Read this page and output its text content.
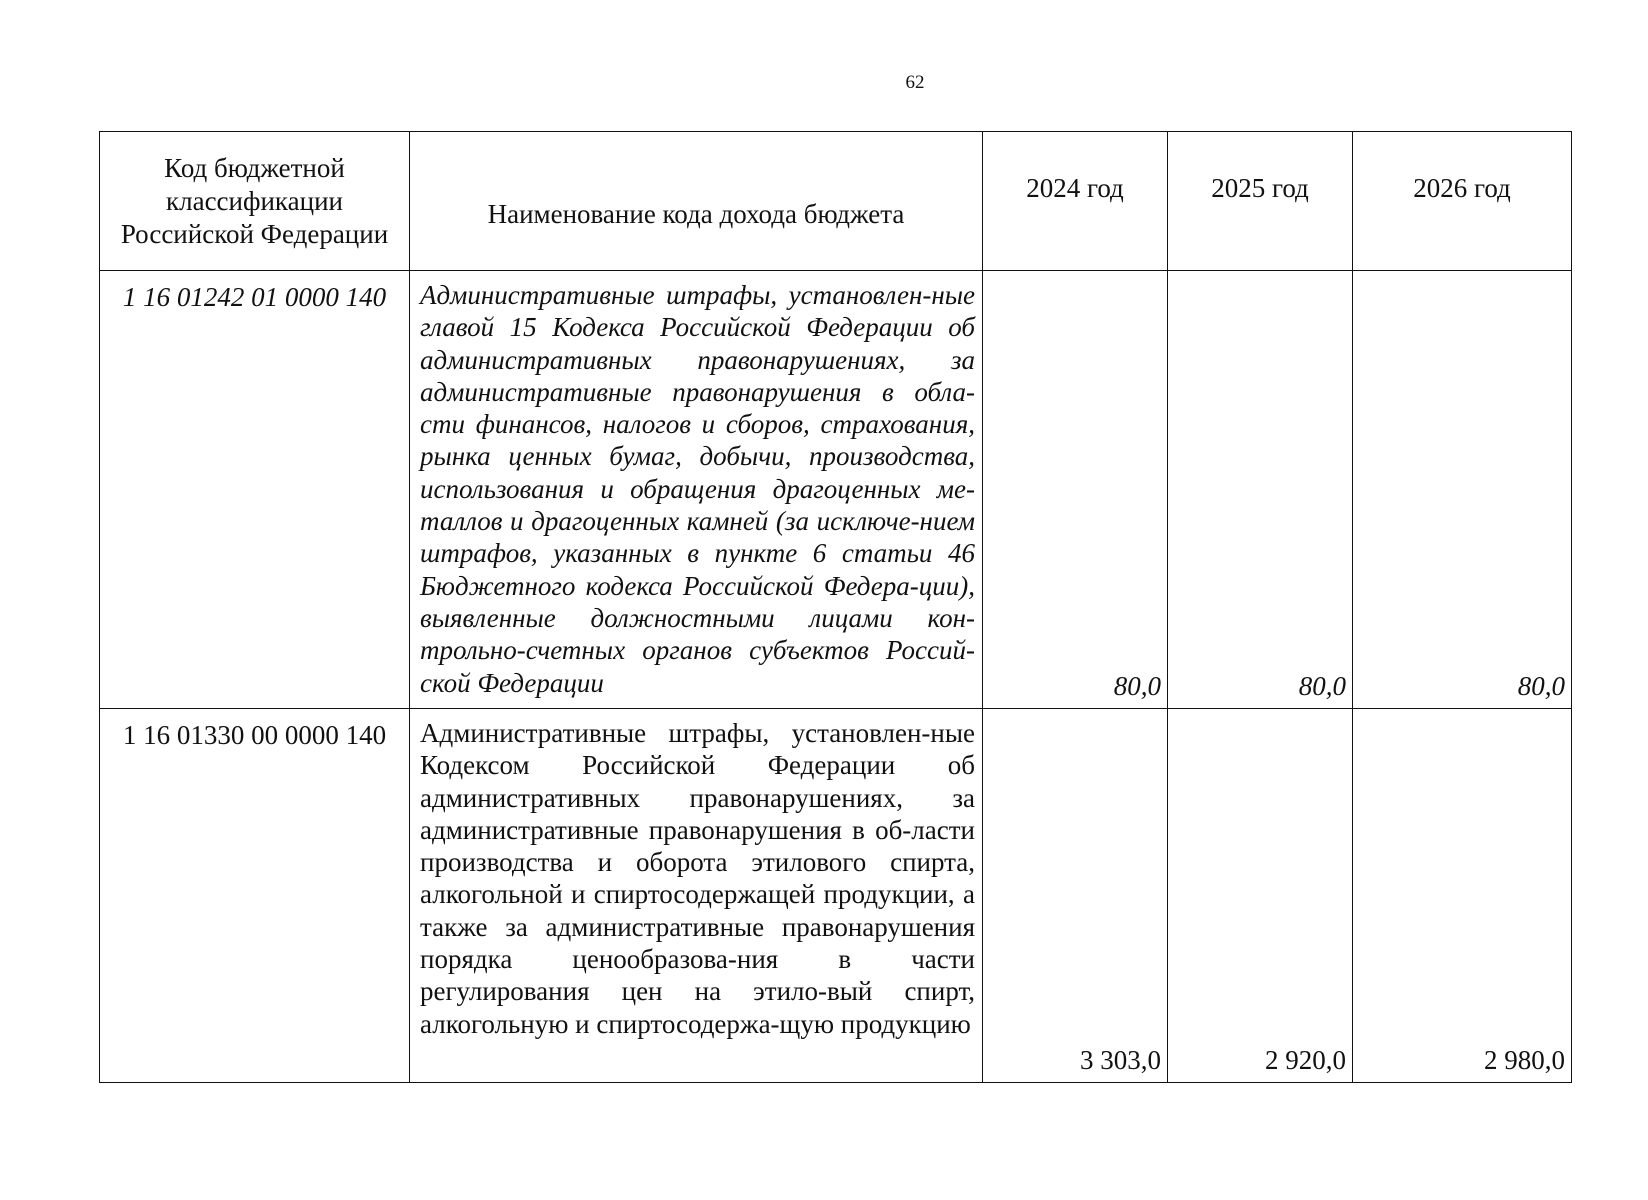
62
Код бюджетной классификации Российской Федерации	Наименование кода дохода бюджета	2024 год	2025 год	2026 год
1 16 01242 01 0000 140	Административные штрафы, установлен-ные главой 15 Кодекса Российской Федерации об административных правонарушениях, за административные правонарушения в обла-сти финансов, налогов и сборов, страхования, рынка ценных бумаг, добычи, производства, использования и обращения драгоценных ме-таллов и драгоценных камней (за исключе-нием штрафов, указанных в пункте 6 статьи 46 Бюджетного кодекса Российской Федера-ции), выявленные должностными лицами кон-трольно-счетных органов субъектов Россий-ской Федерации	80,0	80,0	80,0
1 16 01330 00 0000 140	Административные штрафы, установлен-ные Кодексом Российской Федерации об административных правонарушениях, за административные правонарушения в об-ласти производства и оборота этилового спирта, алкогольной и спиртосодержащей продукции, а также за административные правонарушения порядка ценообразова-ния в части регулирования цен на этило-вый спирт, алкогольную и спиртосодержа-щую продукцию	3 303,0	2 920,0	2 980,0
